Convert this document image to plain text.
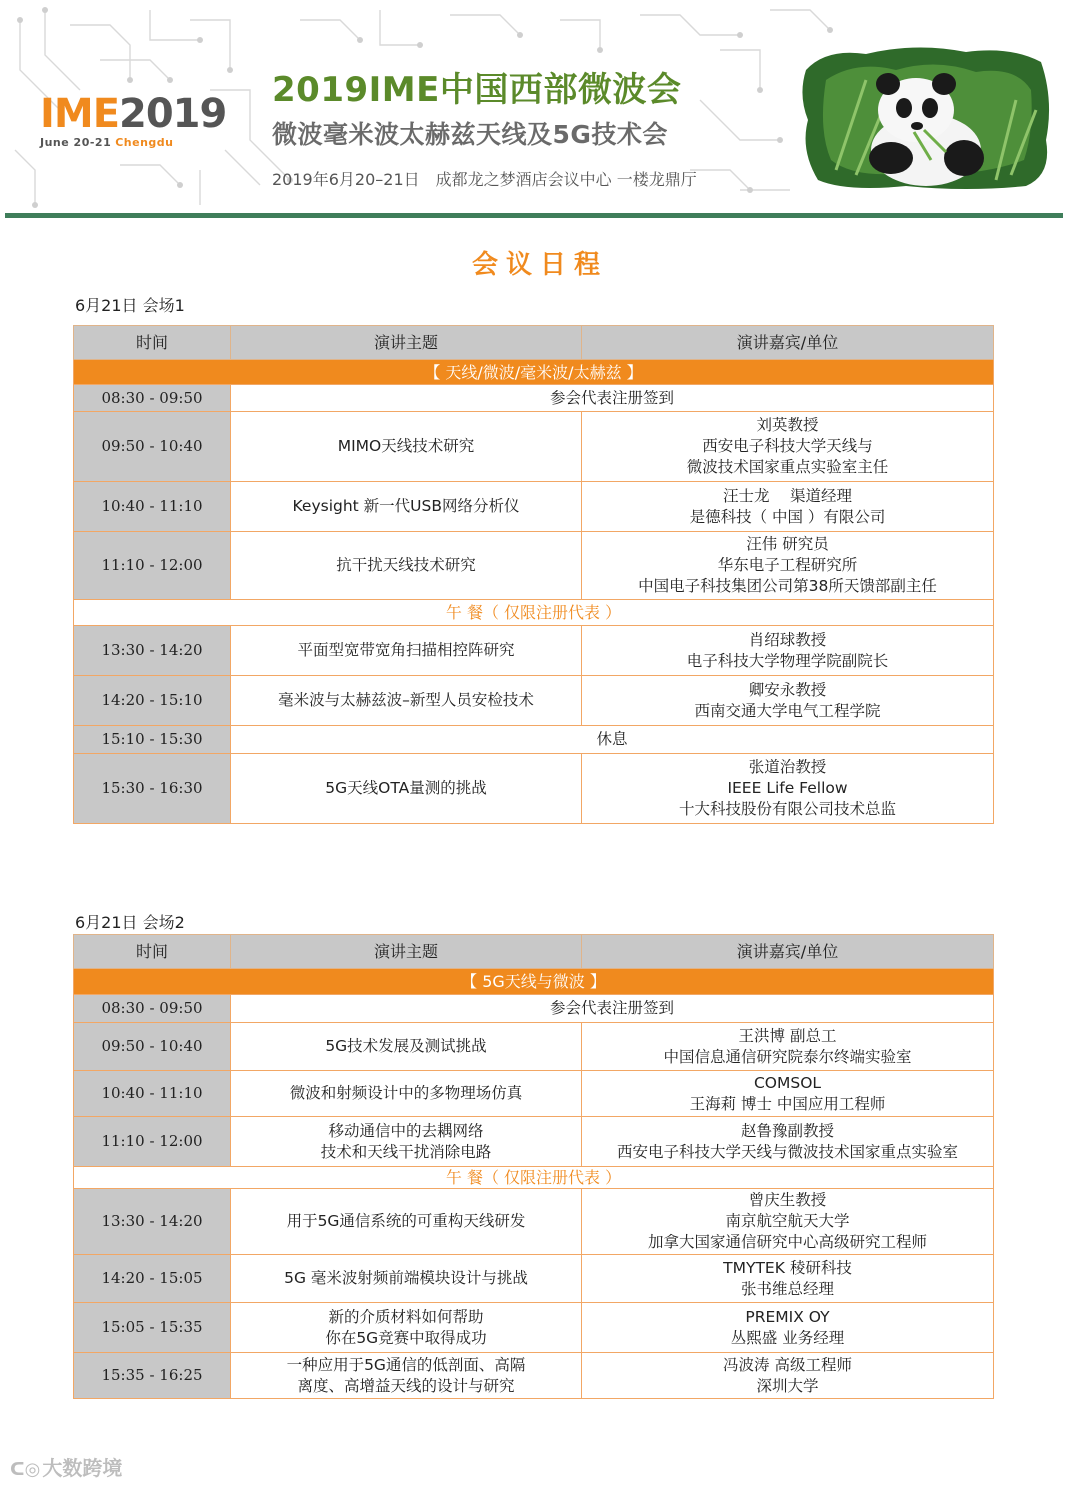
IME2019
June 20-21 Chengdu
2019IME中国西部微波会
微波毫米波太赫兹天线及5G技术会
2019年6月20–21日　成都龙之梦酒店会议中心 一楼龙鼎厅
会议日程
6月21日 会场1
时间	演讲主题	演讲嘉宾/单位
【 天线/微波/毫米波/太赫兹 】		
08:30 - 09:50	参会代表注册签到	
09:50 - 10:40	MIMO天线技术研究	刘英教授
西安电子科技大学天线与
微波技术国家重点实验室主任

10:40 - 11:10	Keysight 新一代USB网络分析仪	汪士龙　 渠道经理
是德科技（ 中国 ）有限公司

11:10 - 12:00	抗干扰天线技术研究	汪伟 研究员
华东电子工程研究所
中国电子科技集团公司第38所天馈部副主任

午 餐（ 仅限注册代表 ）		
13:30 - 14:20	平面型宽带宽角扫描相控阵研究	肖绍球教授
电子科技大学物理学院副院长

14:20 - 15:10	毫米波与太赫兹波–新型人员安检技术	卿安永教授
西南交通大学电气工程学院

15:10 - 15:30	休息	
15:30 - 16:30	5G天线OTA量测的挑战	张道治教授
IEEE Life Fellow
十大科技股份有限公司技术总监
6月21日 会场2
时间	演讲主题	演讲嘉宾/单位
【 5G天线与微波 】		
08:30 - 09:50	参会代表注册签到	
09:50 - 10:40	5G技术发展及测试挑战	王洪博 副总工
中国信息通信研究院泰尔终端实验室

10:40 - 11:10	微波和射频设计中的多物理场仿真	COMSOL
王海莉 博士 中国应用工程师

11:10 - 12:00	移动通信中的去耦网络
技术和天线干扰消除电路	赵鲁豫副教授
西安电子科技大学天线与微波技术国家重点实验室

午 餐（ 仅限注册代表 ）		
13:30 - 14:20	用于5G通信系统的可重构天线研发	曾庆生教授
南京航空航天大学
加拿大国家通信研究中心高级研究工程师

14:20 - 15:05	5G 毫米波射频前端模块设计与挑战	TMYTEK 稜研科技
张书维总经理

15:05 - 15:35	新的介质材料如何帮助
你在5G竞赛中取得成功	PREMIX OY
丛熙盛 业务经理

15:35 - 16:25	一种应用于5G通信的低剖面、高隔
离度、高增益天线的设计与研究	冯波涛 高级工程师
深圳大学
ᑕ◎ 大数跨境
